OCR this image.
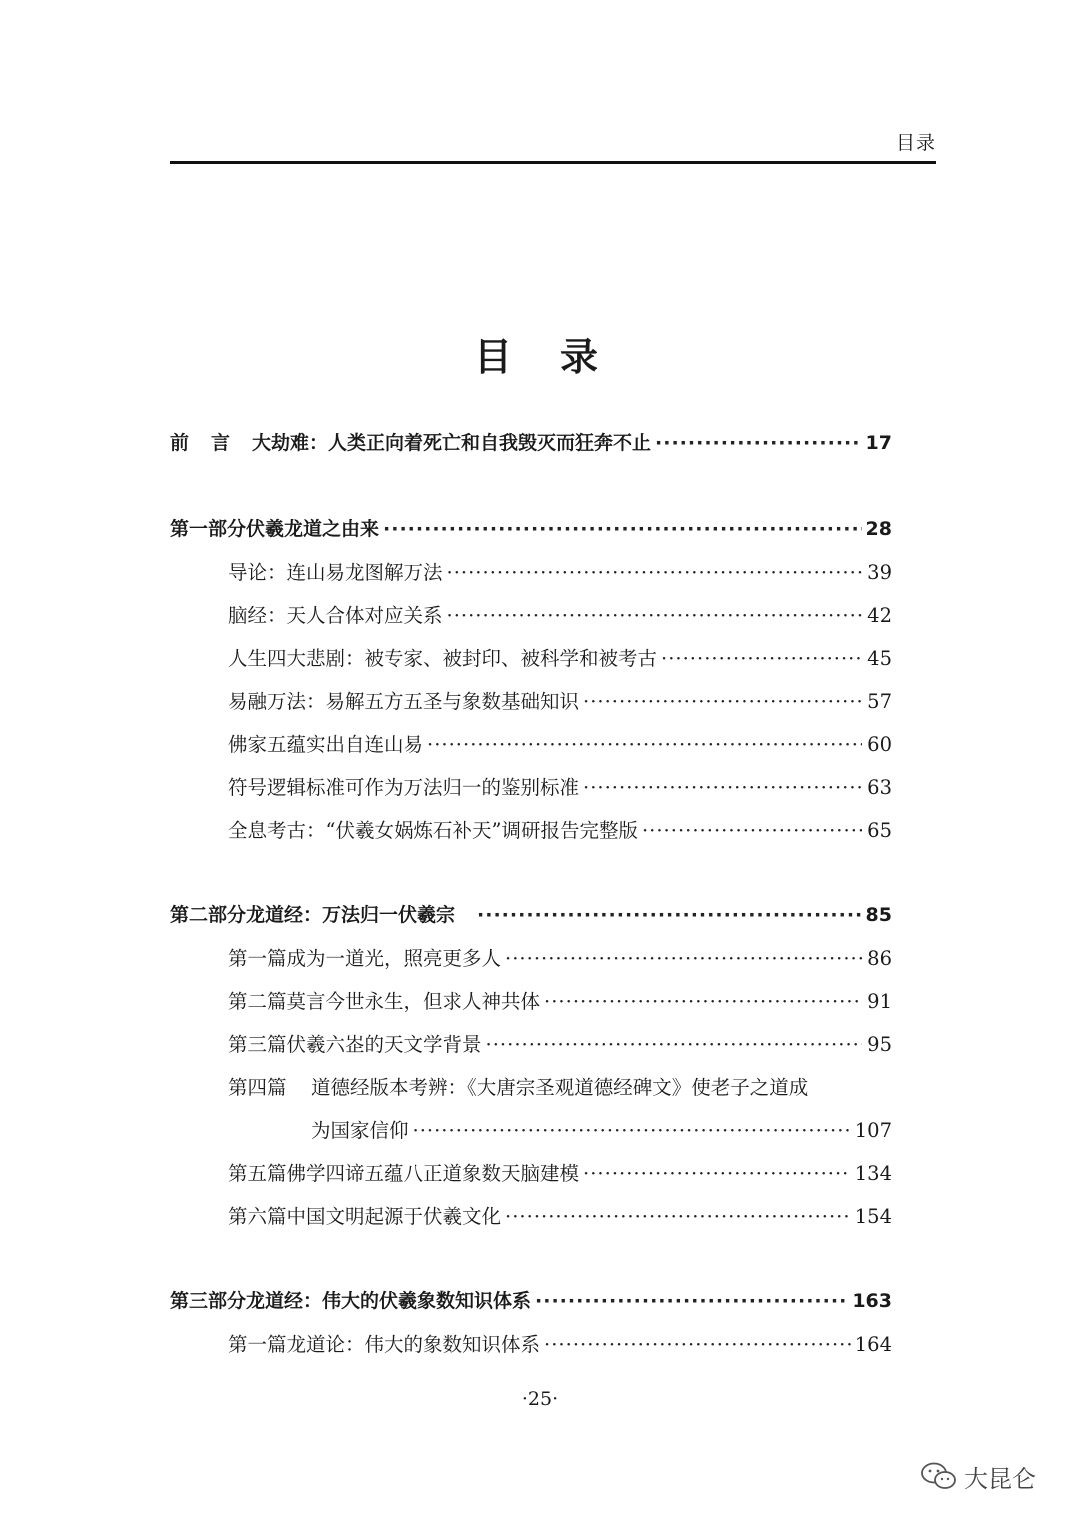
目录
目 录
前言 大劫难：人类正向着死亡和自我毁灭而狂奔不止 ·····	17
第一部分 伏羲龙道之由来 ·····	28
导论：连山易龙图解万法 ·····	39
脑经：天人合体对应关系 ·····	42
人生四大悲剧：被专家、被封印、被科学和被考古 ·····	45
易融万法：易解五方五圣与象数基础知识 ·····	57
佛家五蕴实出自连山易 ·····	60
符号逻辑标准可作为万法归一的鉴别标准 ·····	63
全息考古：“伏羲女娲炼石补天”调研报告完整版 ·····	65
第二部分 龙道经：万法归一伏羲宗 ·····	85
第一篇 成为一道光，照亮更多人 ·····	86
第二篇 莫言今世永生，但求人神共体 ·····	91
第三篇 伏羲六峜的天文学背景 ·····	95
第四篇	道德经版本考辨：《大唐宗圣观道德经碑文》使老子之道成
为国家信仰 ·····	107
第五篇 佛学四谛五蕴八正道象数天脑建模 ·····	134
第六篇 中国文明起源于伏羲文化 ·····	154
第三部分 龙道经：伟大的伏羲象数知识体系 ·····	163
第一篇 龙道论：伟大的象数知识体系 ·····	164
·25·
大昆仑
